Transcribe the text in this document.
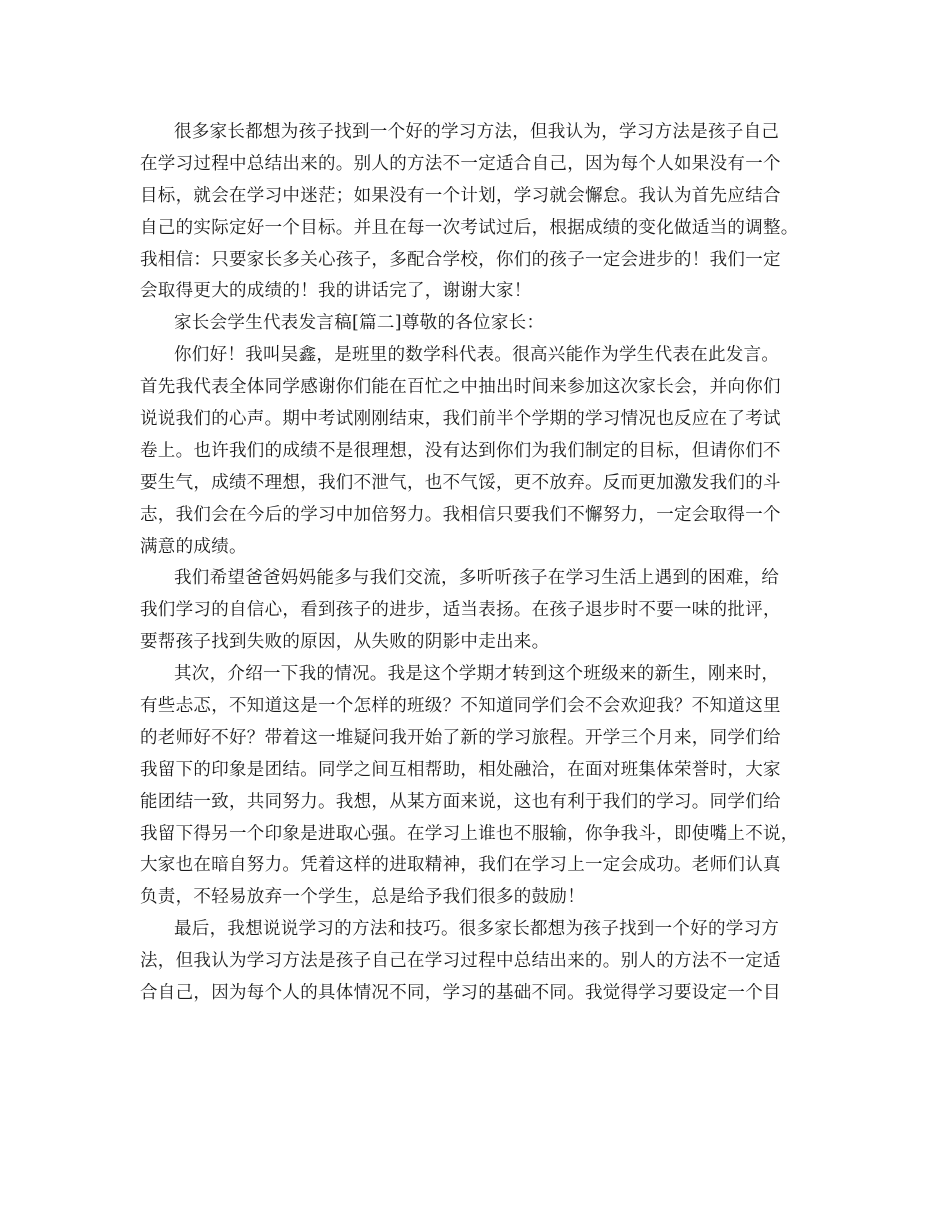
很多家长都想为孩子找到一个好的学习方法，但我认为，学习方法是孩子自己
在学习过程中总结出来的。别人的方法不一定适合自己，因为每个人如果没有一个
目标，就会在学习中迷茫；如果没有一个计划，学习就会懈怠。我认为首先应结合
自己的实际定好一个目标。并且在每一次考试过后，根据成绩的变化做适当的调整。
我相信：只要家长多关心孩子，多配合学校，你们的孩子一定会进步的！我们一定
会取得更大的成绩的！我的讲话完了，谢谢大家！
家长会学生代表发言稿[篇二]尊敬的各位家长：
你们好！我叫吴鑫，是班里的数学科代表。很高兴能作为学生代表在此发言。
首先我代表全体同学感谢你们能在百忙之中抽出时间来参加这次家长会，并向你们
说说我们的心声。期中考试刚刚结束，我们前半个学期的学习情况也反应在了考试
卷上。也许我们的成绩不是很理想，没有达到你们为我们制定的目标，但请你们不
要生气，成绩不理想，我们不泄气，也不气馁，更不放弃。反而更加激发我们的斗
志，我们会在今后的学习中加倍努力。我相信只要我们不懈努力，一定会取得一个
满意的成绩。
我们希望爸爸妈妈能多与我们交流，多听听孩子在学习生活上遇到的困难，给
我们学习的自信心，看到孩子的进步，适当表扬。在孩子退步时不要一味的批评，
要帮孩子找到失败的原因，从失败的阴影中走出来。
其次，介绍一下我的情况。我是这个学期才转到这个班级来的新生，刚来时，
有些忐忑，不知道这是一个怎样的班级？不知道同学们会不会欢迎我？不知道这里
的老师好不好？带着这一堆疑问我开始了新的学习旅程。开学三个月来，同学们给
我留下的印象是团结。同学之间互相帮助，相处融洽，在面对班集体荣誉时，大家
能团结一致，共同努力。我想，从某方面来说，这也有利于我们的学习。同学们给
我留下得另一个印象是进取心强。在学习上谁也不服输，你争我斗，即使嘴上不说，
大家也在暗自努力。凭着这样的进取精神，我们在学习上一定会成功。老师们认真
负责，不轻易放弃一个学生，总是给予我们很多的鼓励！
最后，我想说说学习的方法和技巧。很多家长都想为孩子找到一个好的学习方
法，但我认为学习方法是孩子自己在学习过程中总结出来的。别人的方法不一定适
合自己，因为每个人的具体情况不同，学习的基础不同。我觉得学习要设定一个目
